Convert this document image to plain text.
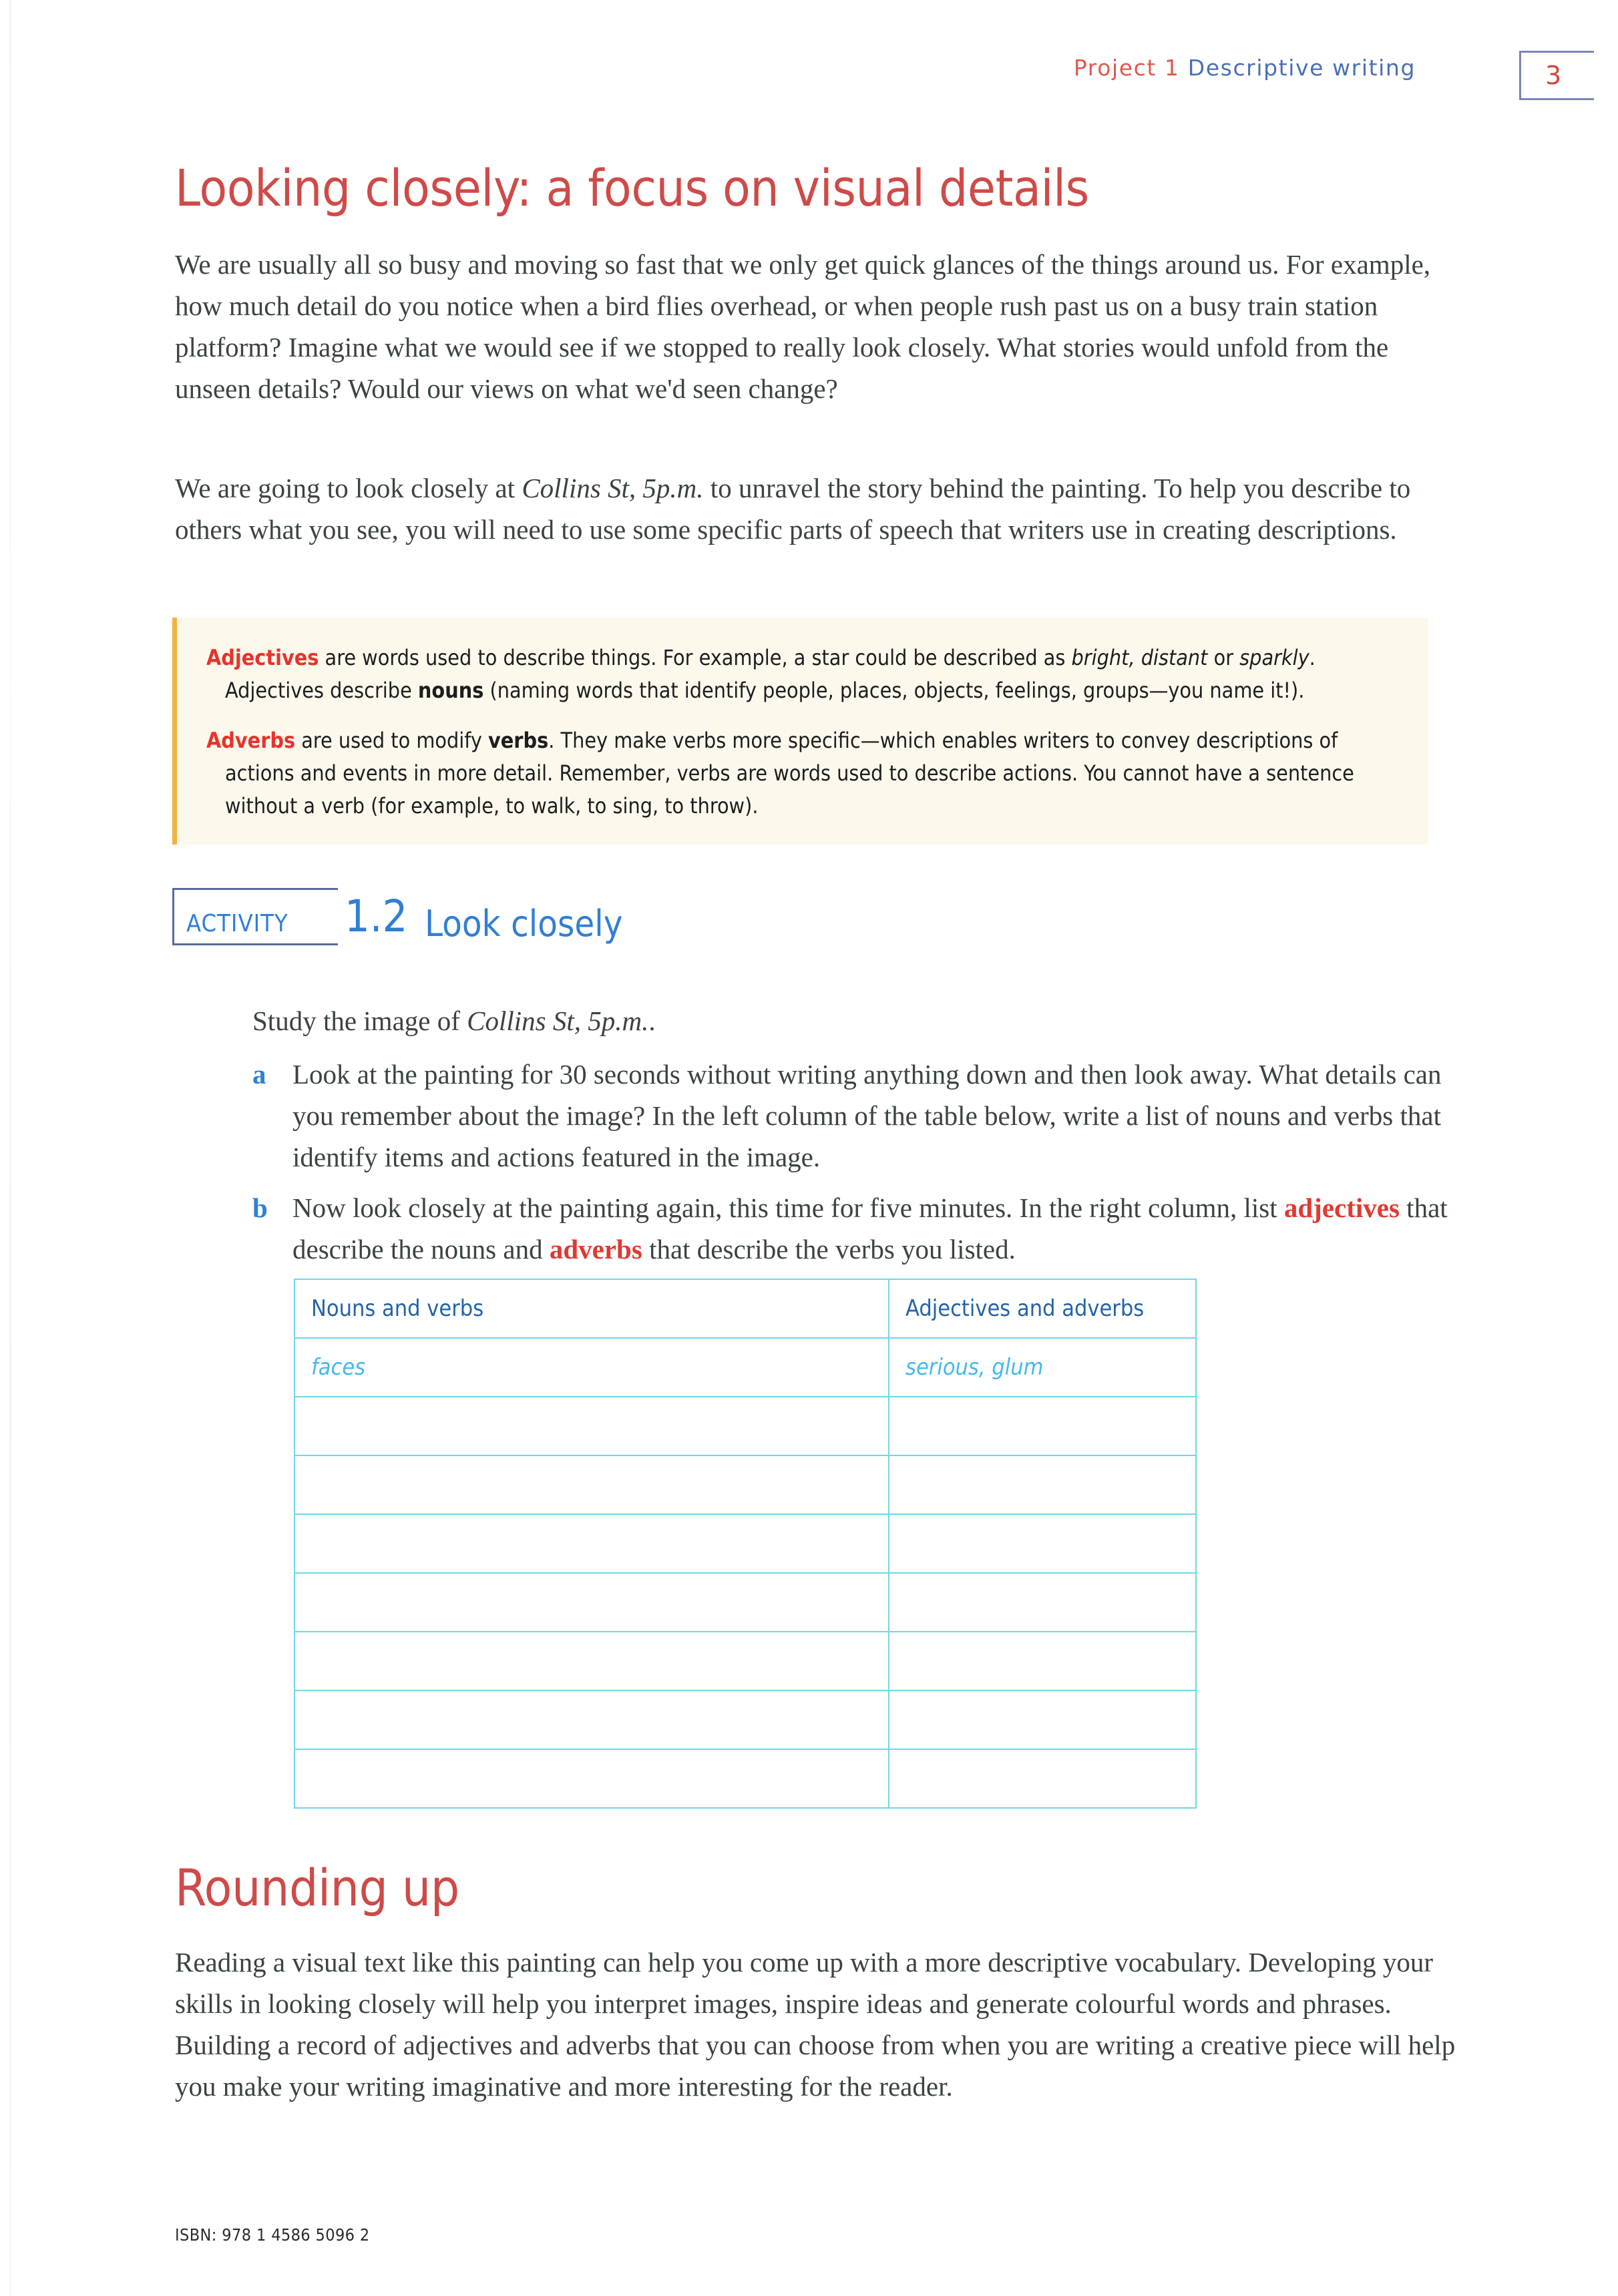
Project 1 Descriptive writing	3
Looking closely: a focus on visual details
We are usually all so busy and moving so fast that we only get quick glances of the things around us. For example, how much detail do you notice when a bird flies overhead, or when people rush past us on a busy train station platform? Imagine what we would see if we stopped to really look closely. What stories would unfold from the unseen details? Would our views on what we'd seen change?
We are going to look closely at Collins St, 5p.m. to unravel the story behind the painting. To help you describe to others what you see, you will need to use some specific parts of speech that writers use in creating descriptions.

Adjectives are words used to describe things. For example, a star could be described as bright, distant or sparkly. Adjectives describe nouns (naming words that identify people, places, objects, feelings, groups—you name it!).

Adverbs are used to modify verbs. They make verbs more specific—which enables writers to convey descriptions of actions and events in more detail. Remember, verbs are words used to describe actions. You cannot have a sentence without a verb (for example, to walk, to sing, to throw).

ACTIVITY 1.2 Look closely
Study the image of Collins St, 5p.m..
a Look at the painting for 30 seconds without writing anything down and then look away. What details can you remember about the image? In the left column of the table below, write a list of nouns and verbs that identify items and actions featured in the image.
b Now look closely at the painting again, this time for five minutes. In the right column, list adjectives that describe the nouns and adverbs that describe the verbs you listed.
Nouns and verbs	Adjectives and adverbs
faces	serious, glum

Rounding up
Reading a visual text like this painting can help you come up with a more descriptive vocabulary. Developing your skills in looking closely will help you interpret images, inspire ideas and generate colourful words and phrases. Building a record of adjectives and adverbs that you can choose from when you are writing a creative piece will help you make your writing imaginative and more interesting for the reader.
ISBN: 978 1 4586 5096 2
